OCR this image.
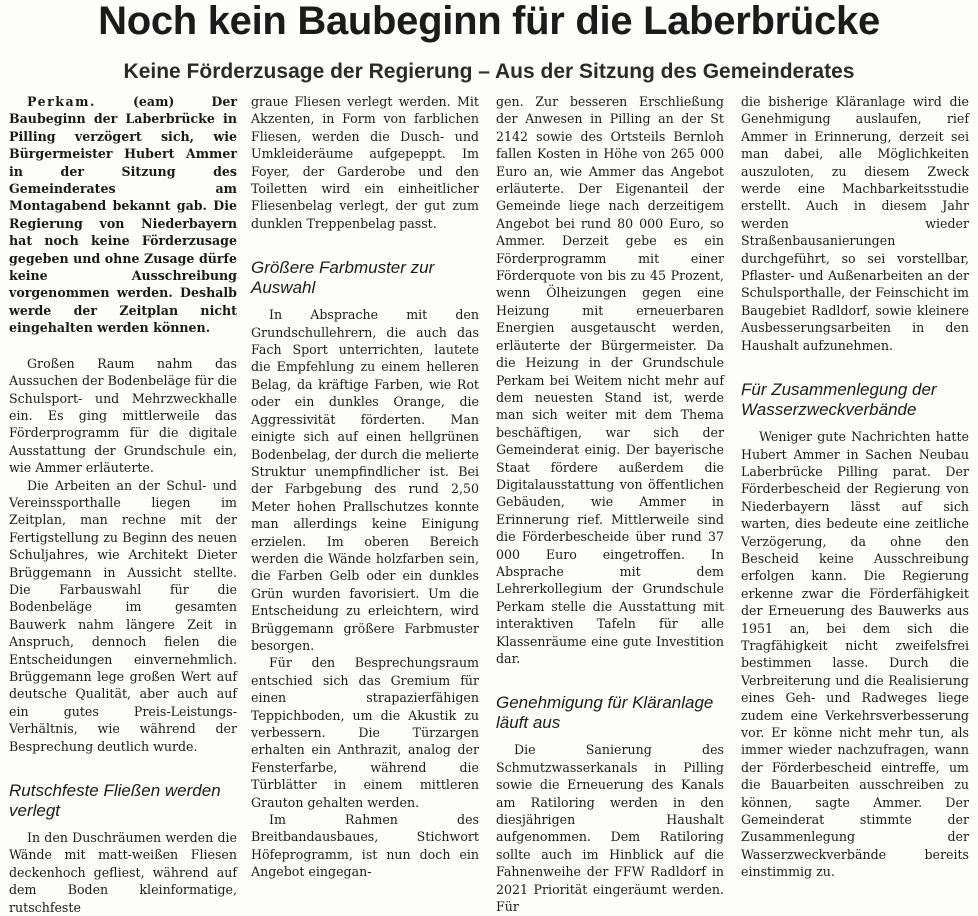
Noch kein Baubeginn für die Laberbrücke
Keine Förderzusage der Regierung – Aus der Sitzung des Gemeinderates

Perkam. (eam) Der Baubeginn der Laberbrücke in Pilling verzögert sich, wie Bürgermeister Hubert Ammer in der Sitzung des Gemeinderates am Montagabend bekannt gab. Die Regierung von Niederbayern hat noch keine Förderzusage gegeben und ohne Zusage dürfe keine Ausschreibung vorgenommen werden. Deshalb werde der Zeitplan nicht eingehalten werden können.

Großen Raum nahm das Aussuchen der Bodenbeläge für die Schulsport- und Mehrzweckhalle ein. Es ging mittlerweile das Förderprogramm für die digitale Ausstattung der Grundschule ein, wie Ammer erläuterte.

Die Arbeiten an der Schul- und Vereinssporthalle liegen im Zeitplan, man rechne mit der Fertigstellung zu Beginn des neuen Schuljahres, wie Architekt Dieter Brüggemann in Aussicht stellte. Die Farbauswahl für die Bodenbeläge im gesamten Bauwerk nahm längere Zeit in Anspruch, dennoch fielen die Entscheidungen einvernehmlich. Brüggemann lege großen Wert auf deutsche Qualität, aber auch auf ein gutes Preis-Leistungs-Verhältnis, wie während der Besprechung deutlich wurde.

Rutschfeste Fließen werden verlegt

In den Duschräumen werden die Wände mit matt-weißen Fliesen deckenhoch gefliest, während auf dem Boden kleinformatige, rutschfeste

graue Fliesen verlegt werden. Mit Akzenten, in Form von farblichen Fliesen, werden die Dusch- und Umkleideräume aufgepeppt. Im Foyer, der Garderobe und den Toiletten wird ein einheitlicher Fliesenbelag verlegt, der gut zum dunklen Treppenbelag passt.

Größere Farbmuster zur Auswahl

In Absprache mit den Grundschullehrern, die auch das Fach Sport unterrichten, lautete die Empfehlung zu einem helleren Belag, da kräftige Farben, wie Rot oder ein dunkles Orange, die Aggressivität förderten. Man einigte sich auf einen hellgrünen Bodenbelag, der durch die melierte Struktur unempfindlicher ist. Bei der Farbgebung des rund 2,50 Meter hohen Prallschutzes konnte man allerdings keine Einigung erzielen. Im oberen Bereich werden die Wände holzfarben sein, die Farben Gelb oder ein dunkles Grün wurden favorisiert. Um die Entscheidung zu erleichtern, wird Brüggemann größere Farbmuster besorgen.

Für den Besprechungsraum entschied sich das Gremium für einen strapazierfähigen Teppichboden, um die Akustik zu verbessern. Die Türzargen erhalten ein Anthrazit, analog der Fensterfarbe, während die Türblätter in einem mittleren Grauton gehalten werden.

Im Rahmen des Breitbandausbaues, Stichwort Höfeprogramm, ist nun doch ein Angebot eingegan-

gen. Zur besseren Erschließung der Anwesen in Pilling an der St 2142 sowie des Ortsteils Bernloh fallen Kosten in Höhe von 265 000 Euro an, wie Ammer das Angebot erläuterte. Der Eigenanteil der Gemeinde liege nach derzeitigem Angebot bei rund 80 000 Euro, so Ammer. Derzeit gebe es ein Förderprogramm mit einer Förderquote von bis zu 45 Prozent, wenn Ölheizungen gegen eine Heizung mit erneuerbaren Energien ausgetauscht werden, erläuterte der Bürgermeister. Da die Heizung in der Grundschule Perkam bei Weitem nicht mehr auf dem neuesten Stand ist, werde man sich weiter mit dem Thema beschäftigen, war sich der Gemeinderat einig. Der bayerische Staat fördere außerdem die Digitalausstattung von öffentlichen Gebäuden, wie Ammer in Erinnerung rief. Mittlerweile sind die Förderbescheide über rund 37 000 Euro eingetroffen. In Absprache mit dem Lehrerkollegium der Grundschule Perkam stelle die Ausstattung mit interaktiven Tafeln für alle Klassenräume eine gute Investition dar.

Genehmigung für Kläranlage läuft aus

Die Sanierung des Schmutzwasserkanals in Pilling sowie die Erneuerung des Kanals am Ratiloring werden in den diesjährigen Haushalt aufgenommen. Dem Ratiloring sollte auch im Hinblick auf die Fahnenweihe der FFW Radldorf in 2021 Priorität eingeräumt werden. Für

die bisherige Kläranlage wird die Genehmigung auslaufen, rief Ammer in Erinnerung, derzeit sei man dabei, alle Möglichkeiten auszuloten, zu diesem Zweck werde eine Machbarkeitsstudie erstellt. Auch in diesem Jahr werden wieder Straßenbausanierungen durchgeführt, so sei vorstellbar, Pflaster- und Außenarbeiten an der Schulsporthalle, der Feinschicht im Baugebiet Radldorf, sowie kleinere Ausbesserungsarbeiten in den Haushalt aufzunehmen.

Für Zusammenlegung der Wasserzweckverbände

Weniger gute Nachrichten hatte Hubert Ammer in Sachen Neubau Laberbrücke Pilling parat. Der Förderbescheid der Regierung von Niederbayern lässt auf sich warten, dies bedeute eine zeitliche Verzögerung, da ohne den Bescheid keine Ausschreibung erfolgen kann. Die Regierung erkenne zwar die Förderfähigkeit der Erneuerung des Bauwerks aus 1951 an, bei dem sich die Tragfähigkeit nicht zweifelsfrei bestimmen lasse. Durch die Verbreiterung und die Realisierung eines Geh- und Radweges liege zudem eine Verkehrsverbesserung vor. Er könne nicht mehr tun, als immer wieder nachzufragen, wann der Förderbescheid eintreffe, um die Bauarbeiten ausschreiben zu können, sagte Ammer. Der Gemeinderat stimmte der Zusammenlegung der Wasserzweckverbände bereits einstimmig zu.
